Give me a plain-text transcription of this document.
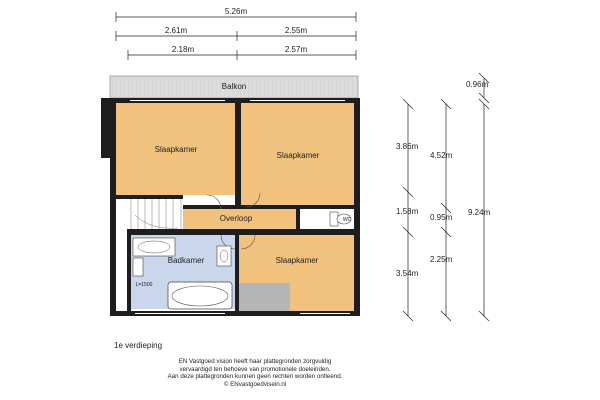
5.26m
2.61m	2.55m
2.18m	2.57m
0.96m
3.86m
1.58m
3.54m
4.52m
0.95m
2.25m
9.24m
Balkon
Slaapkamer
Slaapkamer
Overloop
Badkamer	Slaapkamer
WC
L=1500
1e verdieping
EN Vastgoed vision heeft haar plattegronden zorgvuldig
vervaardigd ten behoeve van promotionele doeleinden.
Aan deze plattegronden kunnen geen rechten worden ontleend.
© ENvastgoedvisein.nl
